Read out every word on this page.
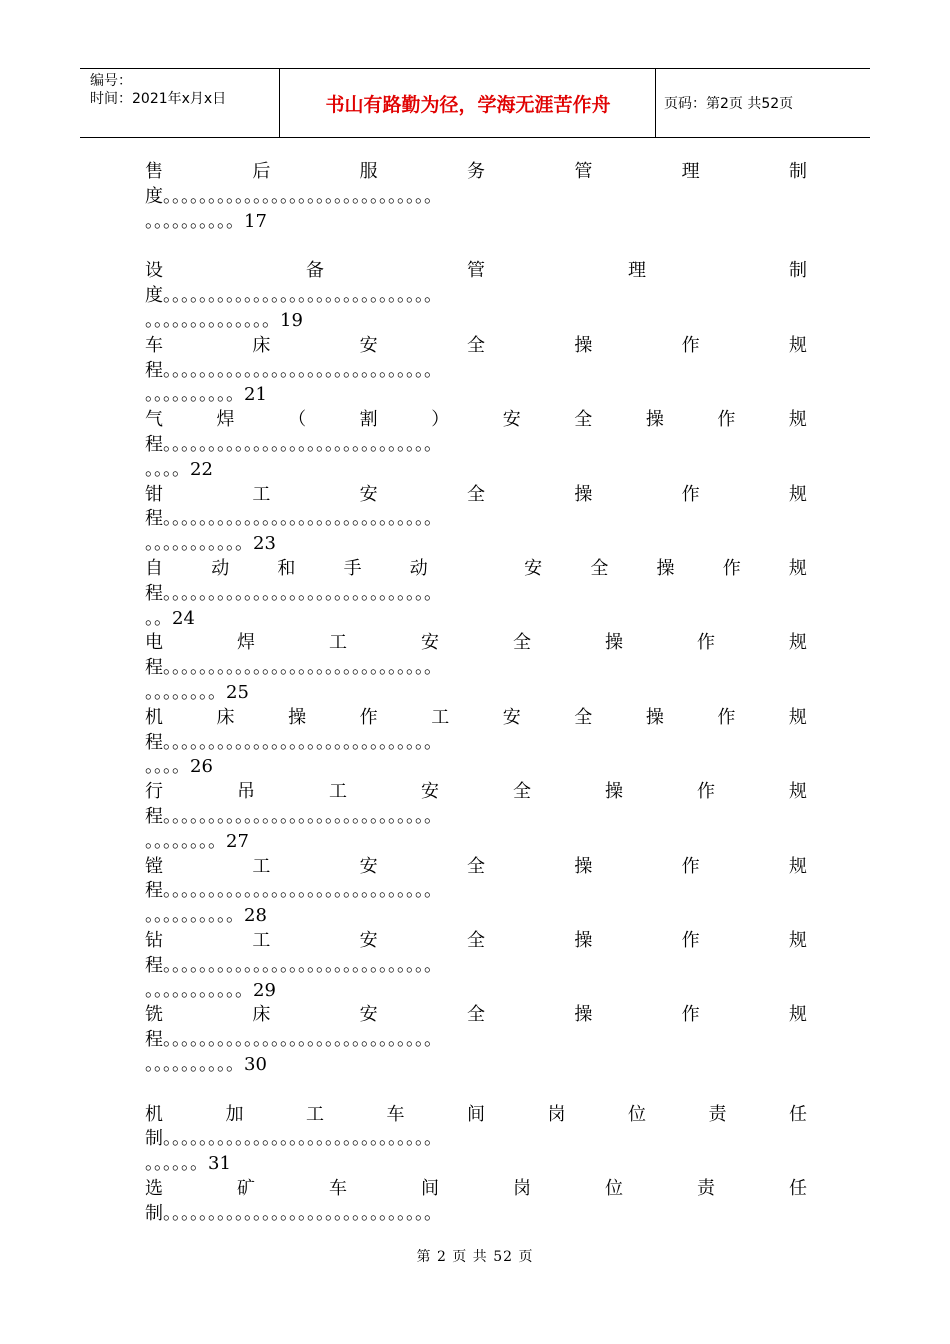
编号：
时间：2021年x月x日	书山有路勤为径，学海无涯苦作舟	页码：第2页 共52页
售	后	服	务	管	理	制
度。。。。。。。。。。。。。。。。。。。。。。。。。。。。。。
。。。。。。。。。。17
设	备	管	理	制
度。。。。。。。。。。。。。。。。。。。。。。。。。。。。。。
。。。。。。。。。。。。。。19
车	床	安	全	操	作	规
程。。。。。。。。。。。。。。。。。。。。。。。。。。。。。。
。。。。。。。。。。21
气	焊	（	割	）	安	全	操	作	规
程。。。。。。。。。。。。。。。。。。。。。。。。。。。。。。
。。。。22
钳	工	安	全	操	作	规
程。。。。。。。。。。。。。。。。。。。。。。。。。。。。。。
。。。。。。。。。。。23
自	动	和	手	动	安	全	操	作	规
程。。。。。。。。。。。。。。。。。。。。。。。。。。。。。。
。。24
电	焊	工	安	全	操	作	规
程。。。。。。。。。。。。。。。。。。。。。。。。。。。。。。
。。。。。。。。25
机	床	操	作	工	安	全	操	作	规
程。。。。。。。。。。。。。。。。。。。。。。。。。。。。。。
。。。。26
行	吊	工	安	全	操	作	规
程。。。。。。。。。。。。。。。。。。。。。。。。。。。。。。
。。。。。。。。27
镗	工	安	全	操	作	规
程。。。。。。。。。。。。。。。。。。。。。。。。。。。。。。
。。。。。。。。。。28
钻	工	安	全	操	作	规
程。。。。。。。。。。。。。。。。。。。。。。。。。。。。。。
。。。。。。。。。。。29
铣	床	安	全	操	作	规
程。。。。。。。。。。。。。。。。。。。。。。。。。。。。。。
。。。。。。。。。。30
机	加	工	车	间	岗	位	责	任
制。。。。。。。。。。。。。。。。。。。。。。。。。。。。。。
。。。。。。31
选	矿	车	间	岗	位	责	任
制。。。。。。。。。。。。。。。。。。。。。。。。。。。。。。
第 2 页 共 52 页
